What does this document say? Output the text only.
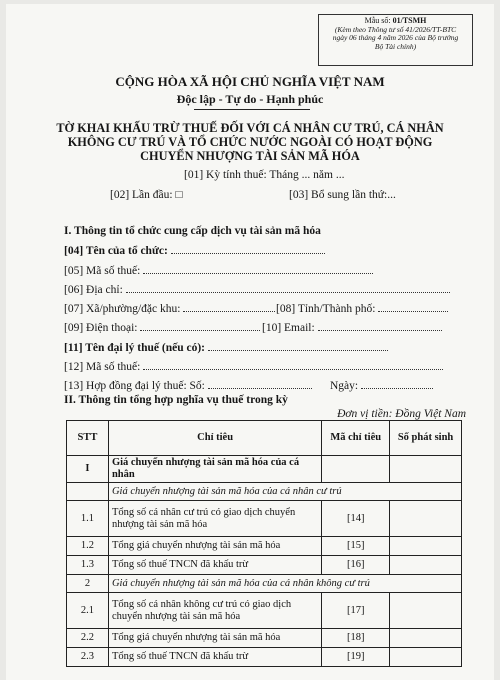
Mẫu số: 01/TSMH
(Kèm theo Thông tư số 41/2026/TT-BTC
ngày 06 tháng 4 năm 2026 của Bộ trưởng
Bộ Tài chính)
CỘNG HÒA XÃ HỘI CHỦ NGHĨA VIỆT NAM
Độc lập - Tự do - Hạnh phúc
TỜ KHAI KHẤU TRỪ THUẾ ĐỐI VỚI CÁ NHÂN CƯ TRÚ, CÁ NHÂN
KHÔNG CƯ TRÚ VÀ TỔ CHỨC NƯỚC NGOÀI CÓ HOẠT ĐỘNG
CHUYỂN NHƯỢNG TÀI SẢN MÃ HÓA
[01] Kỳ tính thuế: Tháng ... năm ...
[02] Lần đầu: □	[03] Bổ sung lần thứ:...
I. Thông tin tổ chức cung cấp dịch vụ tài sản mã hóa
[04] Tên của tổ chức:
[05] Mã số thuế:
[06] Địa chỉ:
[07] Xã/phường/đặc khu:	[08] Tỉnh/Thành phố:
[09] Điện thoại:	[10] Email:
[11] Tên đại lý thuế (nếu có):
[12] Mã số thuế:
[13] Hợp đồng đại lý thuế: Số:	Ngày:
II. Thông tin tổng hợp nghĩa vụ thuế trong kỳ
Đơn vị tiền: Đồng Việt Nam
STT	Chỉ tiêu	Mã chỉ tiêu	Số phát sinh
I	Giá chuyển nhượng tài sản mã hóa của cá nhân		
	Giá chuyển nhượng tài sản mã hóa của cá nhân cư trú		
1.1	Tổng số cá nhân cư trú có giao dịch chuyển nhượng tài sản mã hóa	[14]	
1.2	Tổng giá chuyển nhượng tài sản mã hóa	[15]	
1.3	Tổng số thuế TNCN đã khấu trừ	[16]	
2	Giá chuyển nhượng tài sản mã hóa của cá nhân không cư trú		
2.1	Tổng số cá nhân không cư trú có giao dịch chuyển nhượng tài sản mã hóa	[17]	
2.2	Tổng giá chuyển nhượng tài sản mã hóa	[18]	
2.3	Tổng số thuế TNCN đã khấu trừ	[19]	
